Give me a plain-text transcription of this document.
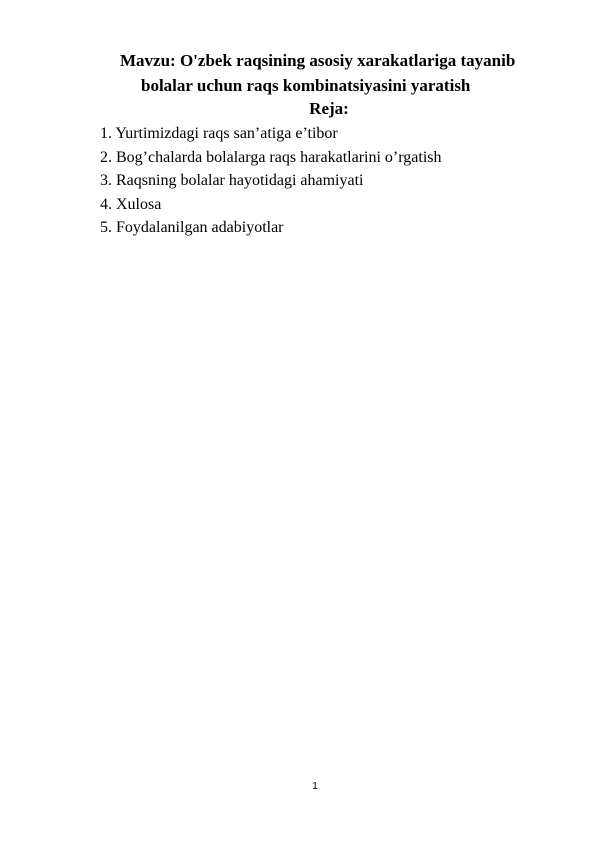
Mavzu: O'zbek raqsining asosiy xarakatlariga tayanib
bolalar uchun raqs kombinatsiyasini yaratish
Reja:
1. Yurtimizdagi raqs san’atiga e’tibor
2. Bog’chalarda bolalarga raqs harakatlarini o’rgatish
3. Raqsning bolalar hayotidagi ahamiyati
4. Xulosa
5. Foydalanilgan adabiyotlar
1
